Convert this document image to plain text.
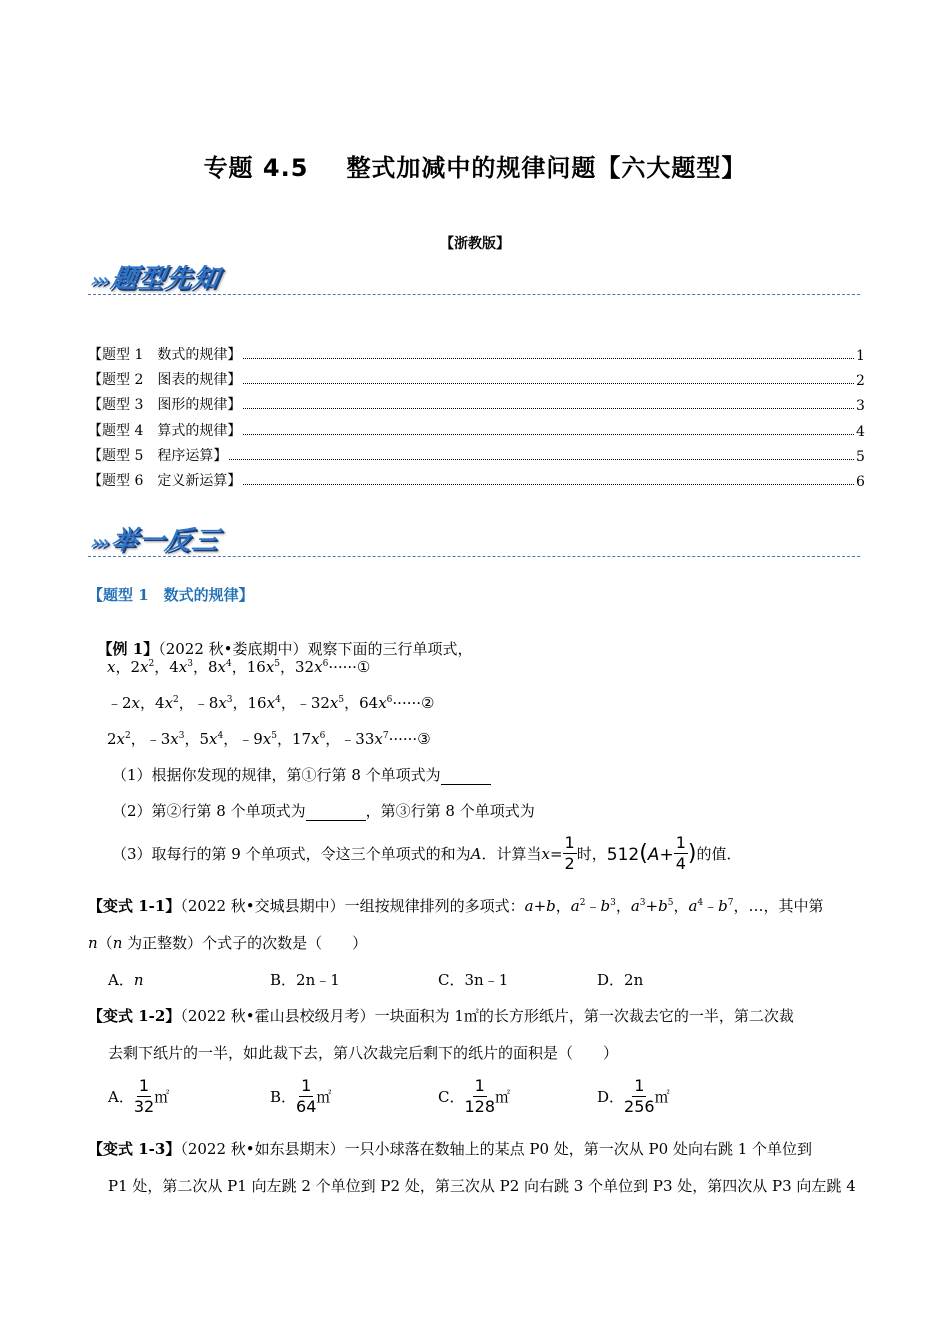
专题 4.5 整式加减中的规律问题【六大题型】
【浙教版】
›››题型先知
【题型 1　数式的规律】	1
【题型 2　图表的规律】	2
【题型 3　图形的规律】	3
【题型 4　算式的规律】	4
【题型 5　程序运算】	5
【题型 6　定义新运算】	6
›››举一反三
【题型 1　数式的规律】

【例 1】（2022 秋•娄底期中）观察下面的三行单项式，

x，$2x^2$，$4x^3$，$8x^4$，$16x^5$，$32x^6\cdot\cdot\cdot\cdot\cdot\cdot ①$
﹣2x，$4x^2$，$﹣8x^3$，$16x^4$，$﹣32x^5$，$64x^6\cdot\cdot\cdot\cdot\cdot\cdot ②$
$2x^2$，$﹣3x^3$，$5x^4$，$﹣9x^5$，$17x^6$，$﹣33x^7\cdot\cdot\cdot\cdot\cdot\cdot ③$
（1）根据你发现的规律，第①行第 8 个单项式为
（2）第②行第 8 个单项式为	，第③行第 8 个单项式为
（3）取每行的第 9 个单项式，令这三个单项式的和为 A ．计算当 $x = \frac{1}{2}$ 时， $512(A+ \frac{1}{4}$ ) 的值．
【变式 1-1】（2022 秋•交城县期中）一组按规律排列的多项式：a+b，$a^2﹣b^3$，$a^3+b^5$，$a^4﹣b^7$，…，其中第
n（n 为正整数）个式子的次数是（　　）
A．n	B．2n﹣1	C．3n﹣1	D．2n
【变式 1-2】（2022 秋•霍山县校级月考）一块面积为 1㎡的长方形纸片，第一次裁去它的一半，第二次裁
去剩下纸片的一半，如此裁下去，第八次裁完后剩下的纸片的面积是（　　）
A． $\frac{1}{32}$ ㎡	B． $\frac{1}{64}$ ㎡	C． $\frac{1}{128}$ ㎡	D． $\frac{1}{256}$ ㎡
【变式 1-3】（2022 秋•如东县期末）一只小球落在数轴上的某点 P0 处，第一次从 P0 处向右跳 1 个单位到
P1 处，第二次从 P1 向左跳 2 个单位到 P2 处，第三次从 P2 向右跳 3 个单位到 P3 处，第四次从 P3 向左跳 4
